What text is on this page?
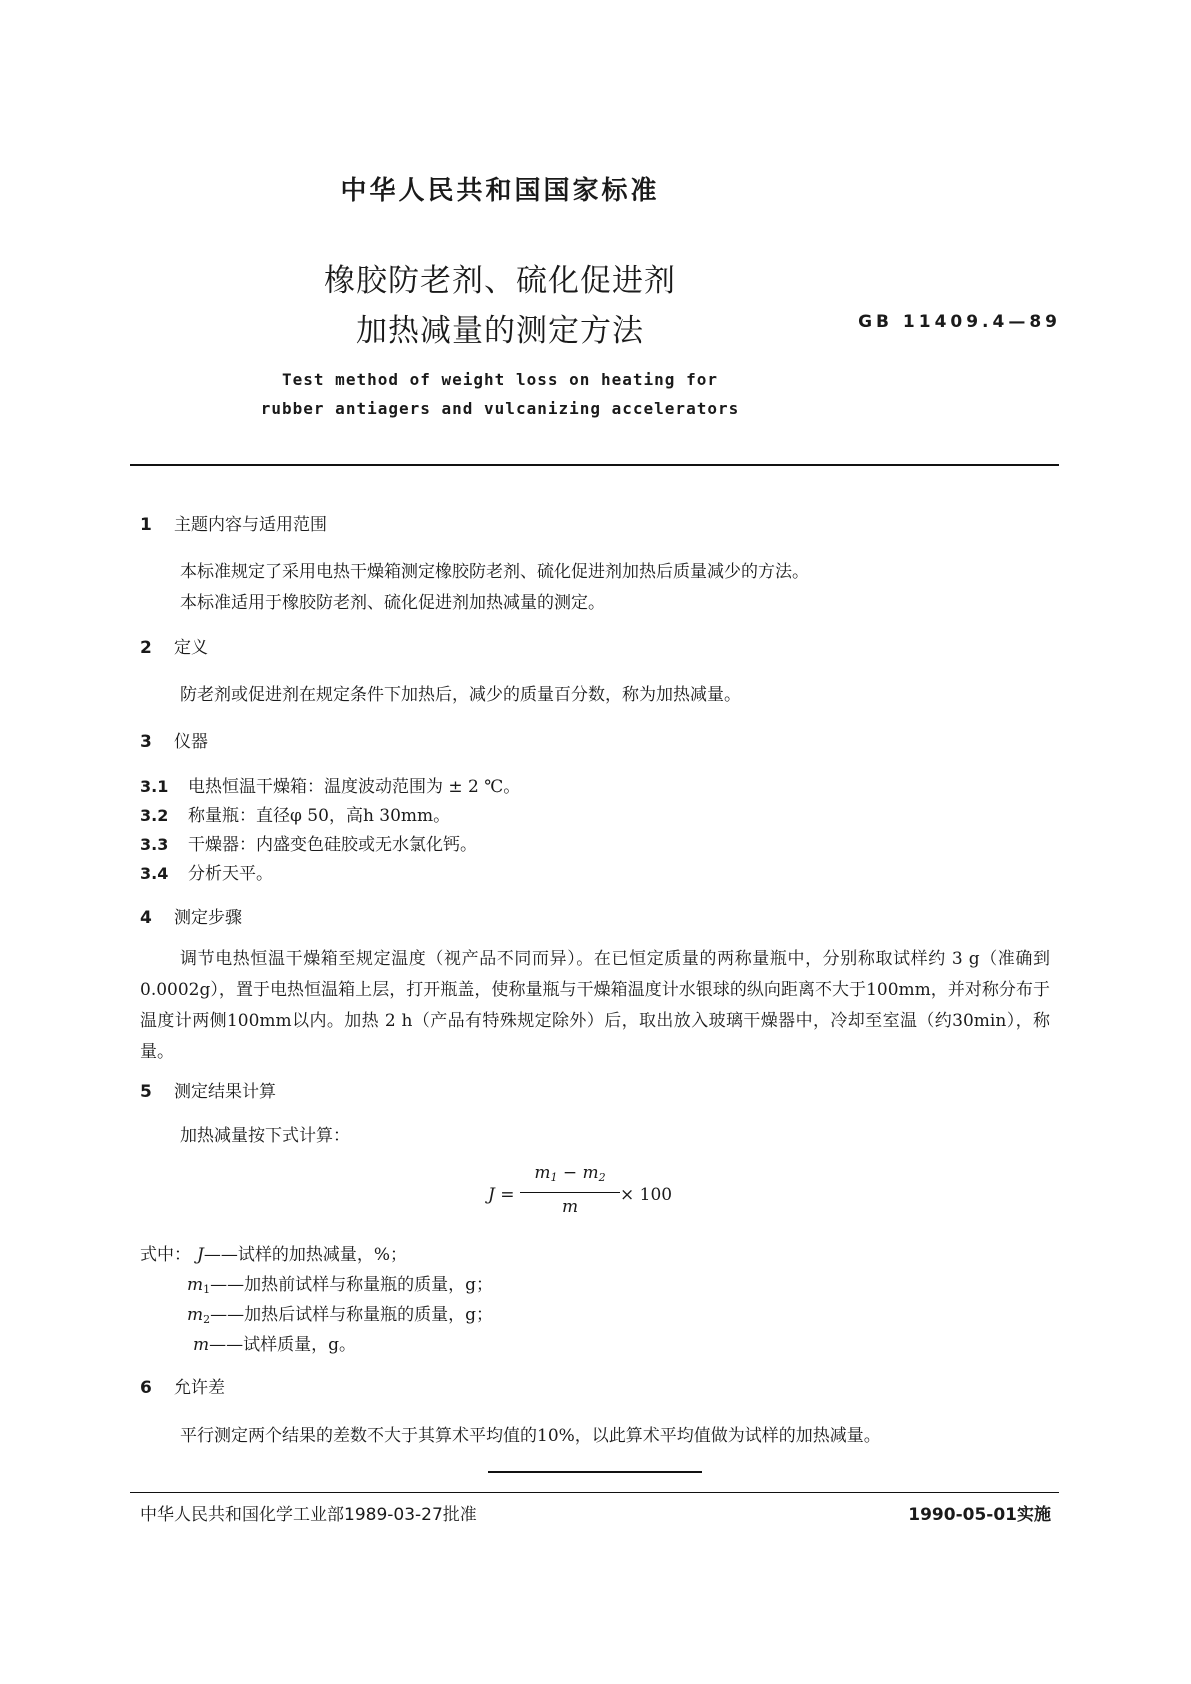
中华人民共和国国家标准
橡胶防老剂、硫化促进剂
加热减量的测定方法	GB 11409.4—89
Test method of weight loss on heating for
rubber antiagers and vulcanizing accelerators
1 主题内容与适用范围
本标准规定了采用电热干燥箱测定橡胶防老剂、硫化促进剂加热后质量减少的方法。
本标准适用于橡胶防老剂、硫化促进剂加热减量的测定。
2 定义
防老剂或促进剂在规定条件下加热后，减少的质量百分数，称为加热减量。
3 仪器
3.1 电热恒温干燥箱：温度波动范围为 ± 2 ℃。
3.2 称量瓶：直径φ 50，高h 30mm。
3.3 干燥器：内盛变色硅胶或无水氯化钙。
3.4 分析天平。
4 测定步骤

调节电热恒温干燥箱至规定温度（视产品不同而异）。在已恒定质量的两称量瓶中，分别称取试样约 3 g（准确到0.0002g），置于电热恒温箱上层，打开瓶盖，使称量瓶与干燥箱温度计水银球的纵向距离不大于100mm，并对称分布于温度计两侧100mm以内。加热 2 h（产品有特殊规定除外）后，取出放入玻璃干燥器中，冷却至室温（约30min），称量。

5 测定结果计算
加热减量按下式计算：
J =
$m_1 - m_2$
m
× 100
式中： J——试样的加热减量，%；
$m_1——$加热前试样与称量瓶的质量，g；
$m_2——$加热后试样与称量瓶的质量，g；
m——试样质量，g。
6 允许差
平行测定两个结果的差数不大于其算术平均值的10%，以此算术平均值做为试样的加热减量。
中华人民共和国化学工业部1989-03-27批准	1990-05-01实施
